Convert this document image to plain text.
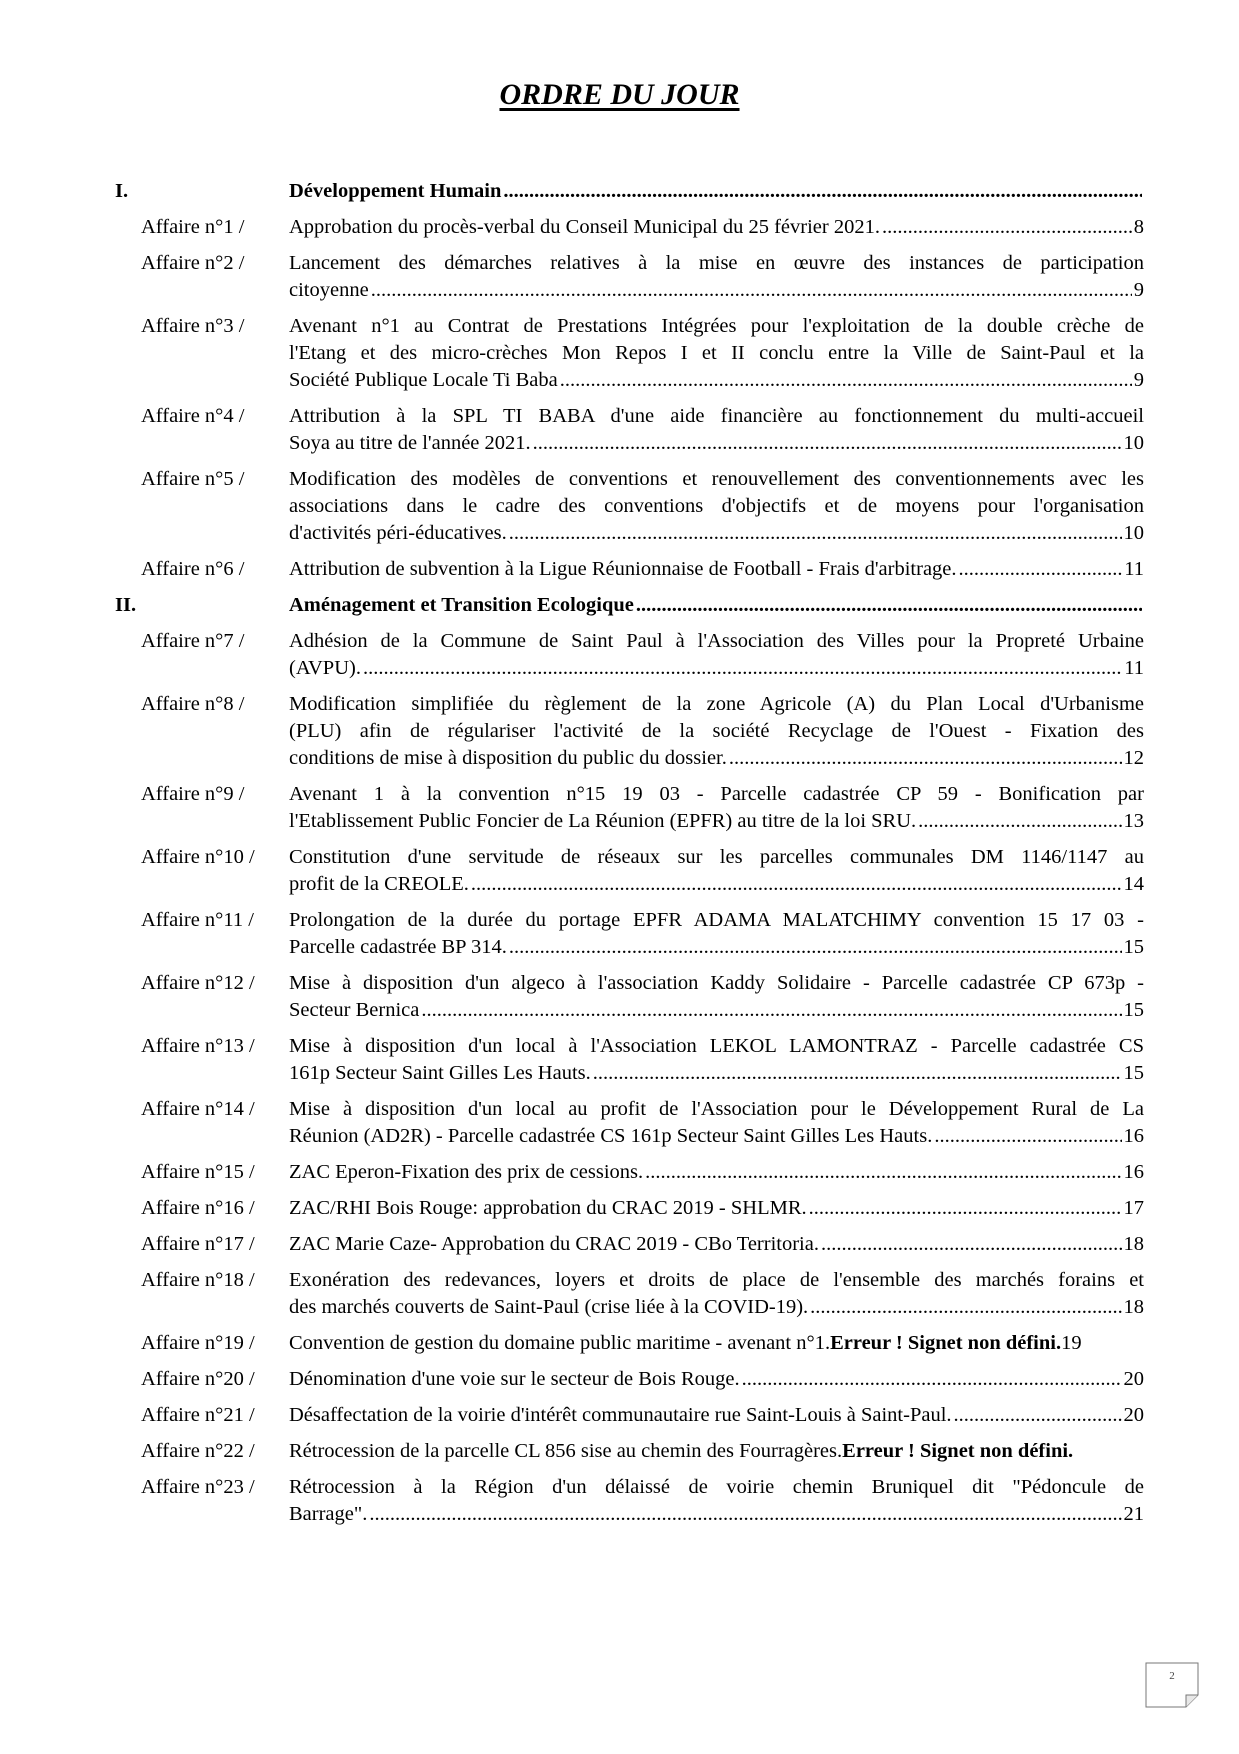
ORDRE DU JOUR
I.	Développement Humain
.....
Affaire n°1 / Approbation du procès-verbal du Conseil Municipal du 25 février 2021. .....	8
Affaire n°2 / Lancement des démarches relatives à la mise en œuvre des instances de participation
citoyenne .....	9
Affaire n°3 / Avenant n°1 au Contrat de Prestations Intégrées pour l'exploitation de la double crèche de
l'Etang et des micro-crèches Mon Repos I et II conclu entre la Ville de Saint-Paul et la
Société Publique Locale Ti Baba .....	9
Affaire n°4 / Attribution à la SPL TI BABA d'une aide financière au fonctionnement du multi-accueil
Soya au titre de l'année 2021. .....	10
Affaire n°5 / Modification des modèles de conventions et renouvellement des conventionnements avec les
associations dans le cadre des conventions d'objectifs et de moyens pour l'organisation
d'activités péri-éducatives. .....	10
Affaire n°6 / Attribution de subvention à la Ligue Réunionnaise de Football - Frais d'arbitrage. .....	11
II.	Aménagement et Transition Ecologique
.....
Affaire n°7 / Adhésion de la Commune de Saint Paul à l'Association des Villes pour la Propreté Urbaine
(AVPU). .....	11
Affaire n°8 / Modification simplifiée du règlement de la zone Agricole (A) du Plan Local d'Urbanisme
(PLU) afin de régulariser l'activité de la société Recyclage de l'Ouest - Fixation des
conditions de mise à disposition du public du dossier. .....	12
Affaire n°9 / Avenant 1 à la convention n°15 19 03 - Parcelle cadastrée CP 59 - Bonification par
l'Etablissement Public Foncier de La Réunion (EPFR) au titre de la loi SRU. .....	13
Affaire n°10 / Constitution d'une servitude de réseaux sur les parcelles communales DM 1146/1147 au
profit de la CREOLE. .....	14
Affaire n°11 / Prolongation de la durée du portage EPFR ADAMA MALATCHIMY convention 15 17 03 -
Parcelle cadastrée BP 314. .....	15
Affaire n°12 / Mise à disposition d'un algeco à l'association Kaddy Solidaire - Parcelle cadastrée CP 673p -
Secteur Bernica .....	15
Affaire n°13 / Mise à disposition d'un local à l'Association LEKOL LAMONTRAZ - Parcelle cadastrée CS
161p Secteur Saint Gilles Les Hauts. .....	15
Affaire n°14 / Mise à disposition d'un local au profit de l'Association pour le Développement Rural de La
Réunion (AD2R) - Parcelle cadastrée CS 161p Secteur Saint Gilles Les Hauts. .....	16
Affaire n°15 / ZAC Eperon-Fixation des prix de cessions. .....	16
Affaire n°16 / ZAC/RHI Bois Rouge: approbation du CRAC 2019 - SHLMR. .....	17
Affaire n°17 / ZAC Marie Caze- Approbation du CRAC 2019 - CBo Territoria. .....	18
Affaire n°18 / Exonération des redevances, loyers et droits de place de l'ensemble des marchés forains et
des marchés couverts de Saint-Paul (crise liée à la COVID-19). .....	18
Affaire n°19 / Convention de gestion du domaine public maritime - avenant n°1.Erreur ! Signet non défini.19
Affaire n°20 / Dénomination d'une voie sur le secteur de Bois Rouge. .....	20
Affaire n°21 / Désaffectation de la voirie d'intérêt communautaire rue Saint-Louis à Saint-Paul. .....	20
Affaire n°22 / Rétrocession de la parcelle CL 856 sise au chemin des Fourragères.Erreur ! Signet non défini.
Affaire n°23 / Rétrocession à la Région d'un délaissé de voirie chemin Bruniquel dit "Pédoncule de
Barrage". .....	21
2
